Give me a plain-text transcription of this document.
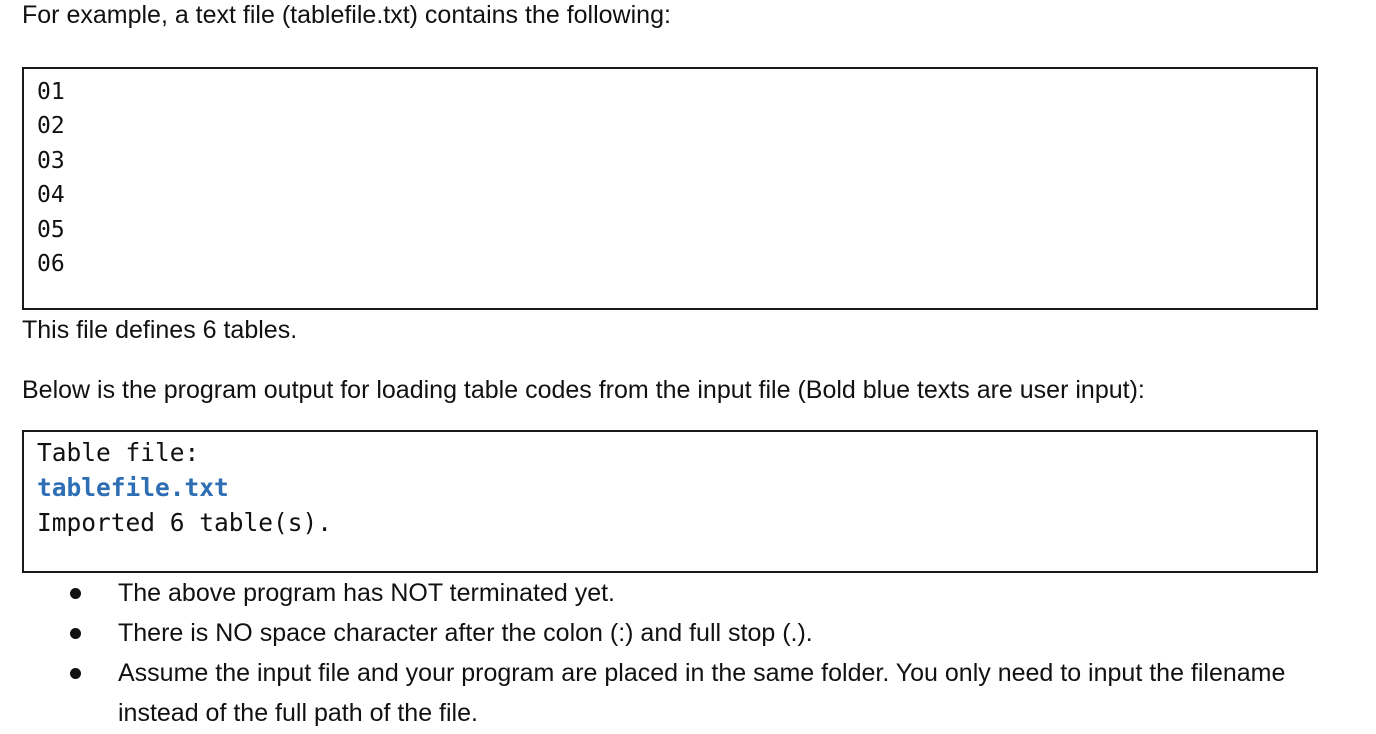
For example, a text file (tablefile.txt) contains the following:
01
02
03
04
05
06
This file defines 6 tables.
Below is the program output for loading table codes from the input file (Bold blue texts are user input):
Table file:
tablefile.txt
Imported 6 table(s).
The above program has NOT terminated yet.
There is NO space character after the colon (:) and full stop (.).
Assume the input file and your program are placed in the same folder. You only need to input the filename instead of the full path of the file.
